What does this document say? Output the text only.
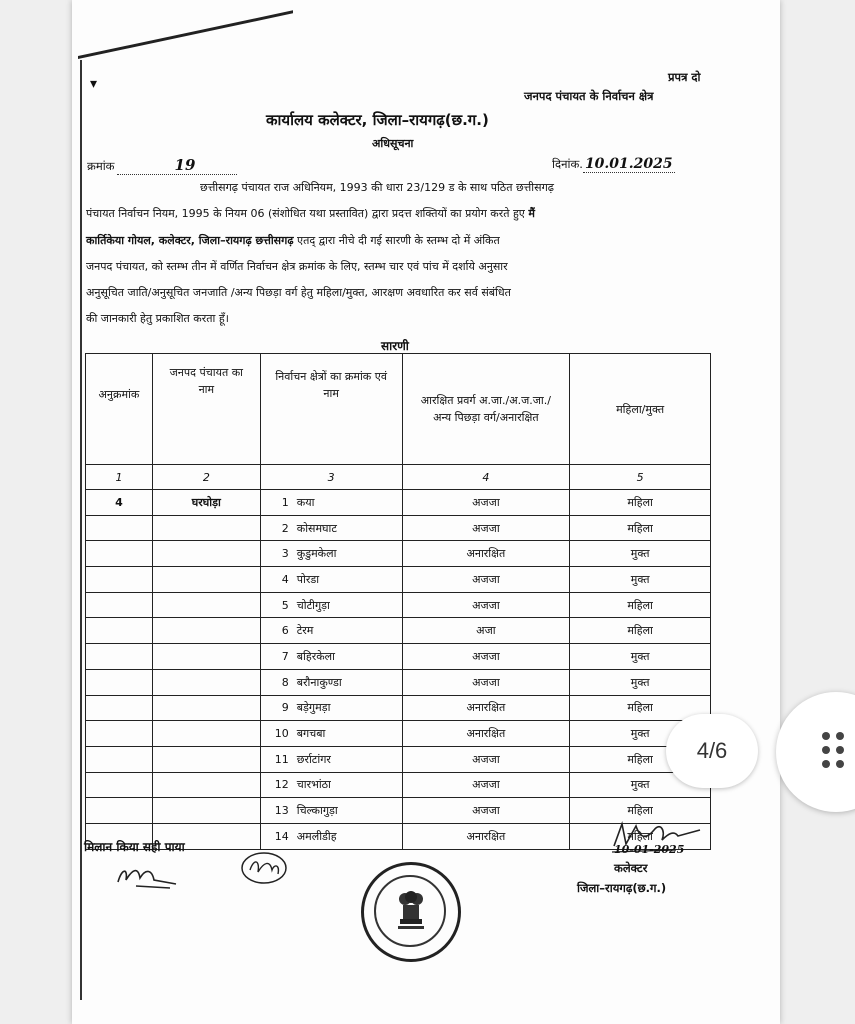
▾	प्रपत्र दो
जनपद पंचायत के निर्वाचन क्षेत्र
कार्यालय कलेक्टर, जिला–रायगढ़(छ.ग.)
अधिसूचना
क्रमांक	19	दिनांक. 10.01.2025
छत्तीसगढ़ पंचायत राज अधिनियम, 1993 की धारा 23/129 ड के साथ पठित छत्तीसगढ़
पंचायत निर्वाचन नियम, 1995 के नियम 06 (संशोधित यथा प्रस्तावित) द्वारा प्रदत्त शक्तियों का प्रयोग करते हुए मैं
कार्तिकेया गोयल, कलेक्टर, जिला–रायगढ़ छत्तीसगढ़ एतद् द्वारा नीचे दी गई सारणी के स्तम्भ दो में अंकित
जनपद पंचायत, को स्तम्भ तीन में वर्णित निर्वाचन क्षेत्र क्रमांक के लिए, स्तम्भ चार एवं पांच में दर्शाये अनुसार
अनुसूचित जाति/अनुसूचित जनजाति /अन्य पिछड़ा वर्ग हेतु महिला/मुक्त, आरक्षण अवधारित कर सर्व संबंधित
की जानकारी हेतु प्रकाशित करता हूँ।
सारणी
अनुक्रमांक	जनपद पंचायत का नाम	निर्वाचन क्षेत्रों का क्रमांक एवं नाम	आरक्षित प्रवर्ग अ.जा./अ.ज.जा./अन्य पिछड़ा वर्ग/अनारक्षित	महिला/मुक्त
1	2	3	4	5
4	घरघोड़ा	1 कया	अजजा	महिला
		2 कोसमघाट	अजजा	महिला
		3 कुडुमकेला	अनारक्षित	मुक्त
		4 पोरडा	अजजा	मुक्त
		5 चोटीगुड़ा	अजजा	महिला
		6 टेरम	अजा	महिला
		7 बहिरकेला	अजजा	मुक्त
		8 बरौनाकुण्डा	अजजा	मुक्त
		9 बड़ेगुमड़ा	अनारक्षित	महिला
		10 बगचबा	अनारक्षित	मुक्त
		11 छर्राटांगर	अजजा	महिला
		12 चारभांठा	अजजा	मुक्त
		13 चिल्कागुड़ा	अजजा	महिला
		14 अमलीडीह	अनारक्षित	महिला
मिलान किया सही पाया	10-01-2025
कलेक्टर
जिला–रायगढ़(छ.ग.)
4/6
